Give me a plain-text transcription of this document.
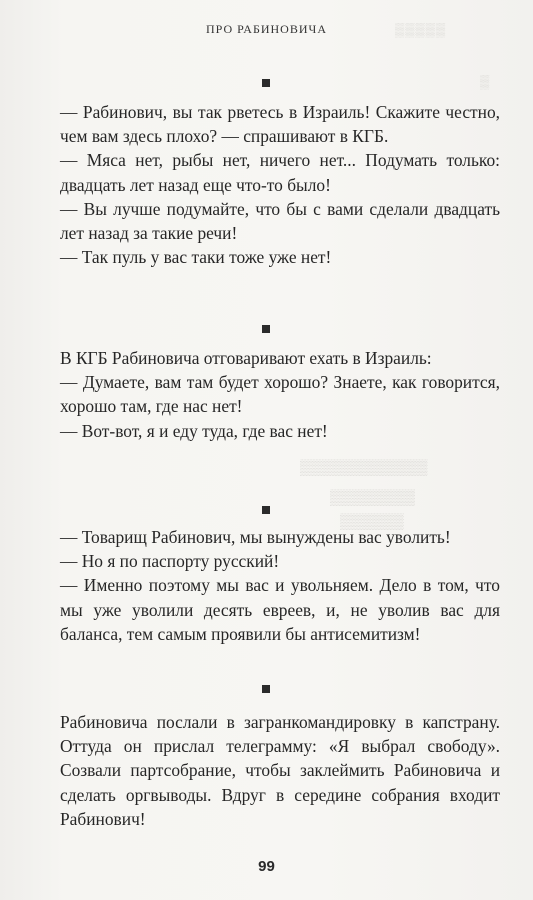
ПРО РАБИНОВИЧА	▒▒▒▒▒
▒
▒▒▒▒▒▒▒▒▒▒▒▒
▒▒▒▒▒▒▒▒
▒▒▒▒▒▒

— Рабинович, вы так рветесь в Израиль! Скажите честно, чем вам здесь плохо? — спрашивают в КГБ.

— Мяса нет, рыбы нет, ничего нет... Подумать только: двадцать лет назад еще что-то было!

— Вы лучше подумайте, что бы с вами сделали двадцать лет назад за такие речи!

— Так пуль у вас таки тоже уже нет!

В КГБ Рабиновича отговаривают ехать в Израиль:

— Думаете, вам там будет хорошо? Знаете, как говорится, хорошо там, где нас нет!

— Вот-вот, я и еду туда, где вас нет!

— Товарищ Рабинович, мы вынуждены вас уволить!

— Но я по паспорту русский!

— Именно поэтому мы вас и увольняем. Дело в том, что мы уже уволили десять евреев, и, не уволив вас для баланса, тем самым проявили бы антисемитизм!

Рабиновича послали в загранкомандировку в капстрану. Оттуда он прислал телеграмму: «Я выбрал свободу». Созвали партсобрание, чтобы заклеймить Рабиновича и сделать оргвыводы. Вдруг в середине собрания входит Рабинович!

99
